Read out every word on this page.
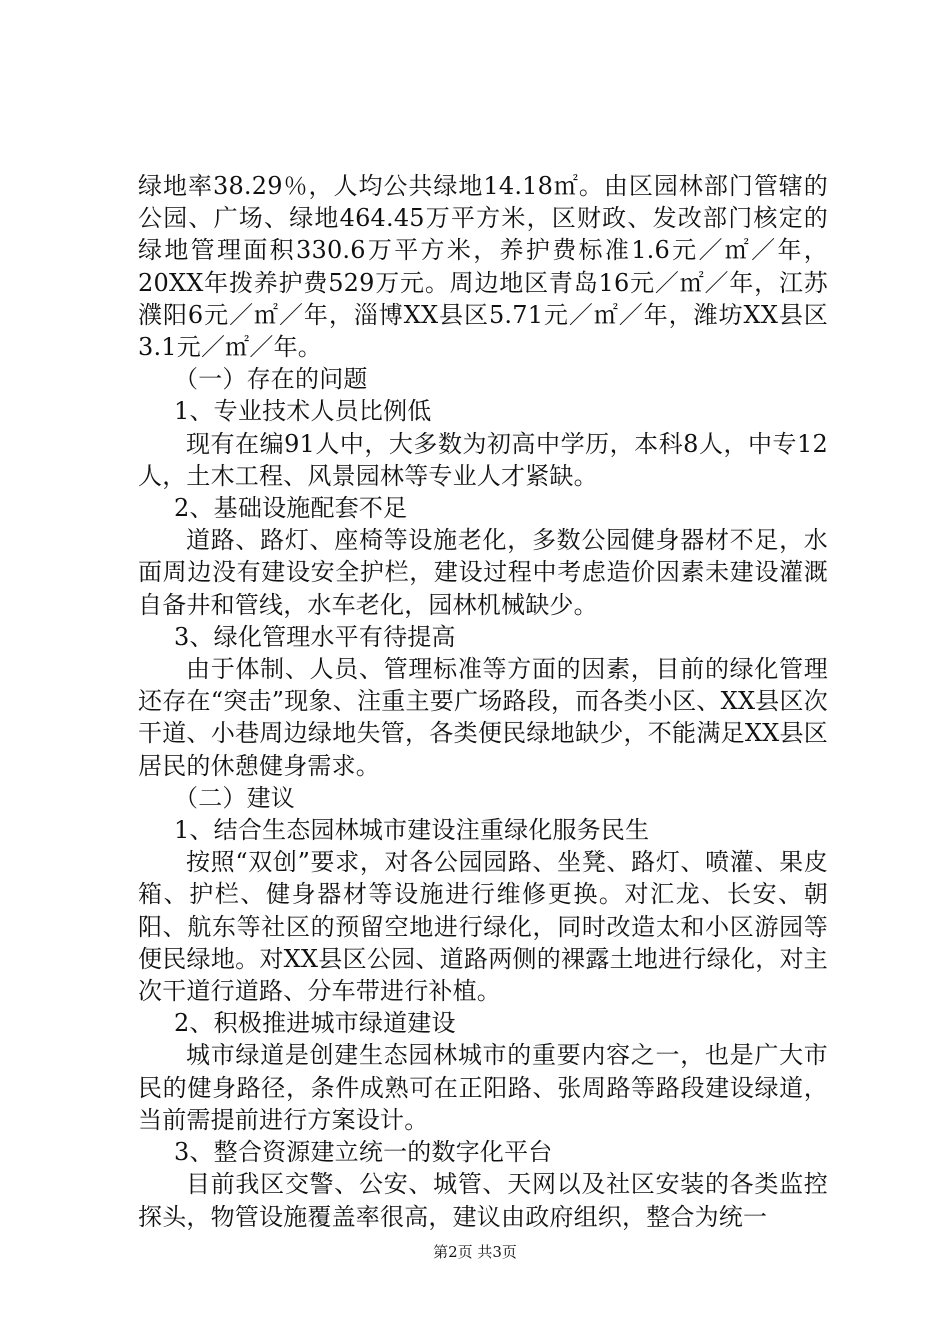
绿地率38.29％，人均公共绿地14.18㎡。由区园林部门管辖的公园、广场、绿地464.45万平方米，区财政、发改部门核定的绿地管理面积330.6万平方米，养护费标准1.6元／㎡／年，20XX年拨养护费529万元。周边地区青岛16元／㎡／年，江苏濮阳6元／㎡／年，淄博XX县区5.71元／㎡／年，潍坊XX县区3.1元／㎡／年。

（一）存在的问题

1、专业技术人员比例低

现有在编91人中，大多数为初高中学历，本科8人，中专12人，土木工程、风景园林等专业人才紧缺。

2、基础设施配套不足

道路、路灯、座椅等设施老化，多数公园健身器材不足，水面周边没有建设安全护栏，建设过程中考虑造价因素未建设灌溉自备井和管线，水车老化，园林机械缺少。

3、绿化管理水平有待提高

由于体制、人员、管理标准等方面的因素，目前的绿化管理还存在“突击”现象、注重主要广场路段，而各类小区、XX县区次干道、小巷周边绿地失管，各类便民绿地缺少，不能满足XX县区居民的休憩健身需求。

（二）建议

1、结合生态园林城市建设注重绿化服务民生

按照“双创”要求，对各公园园路、坐凳、路灯、喷灌、果皮箱、护栏、健身器材等设施进行维修更换。对汇龙、长安、朝阳、航东等社区的预留空地进行绿化，同时改造太和小区游园等便民绿地。对XX县区公园、道路两侧的裸露土地进行绿化，对主次干道行道路、分车带进行补植。

2、积极推进城市绿道建设

城市绿道是创建生态园林城市的重要内容之一，也是广大市民的健身路径，条件成熟可在正阳路、张周路等路段建设绿道，当前需提前进行方案设计。

3、整合资源建立统一的数字化平台

目前我区交警、公安、城管、天网以及社区安装的各类监控探头，物管设施覆盖率很高，建议由政府组织，整合为统一

第2页 共3页
